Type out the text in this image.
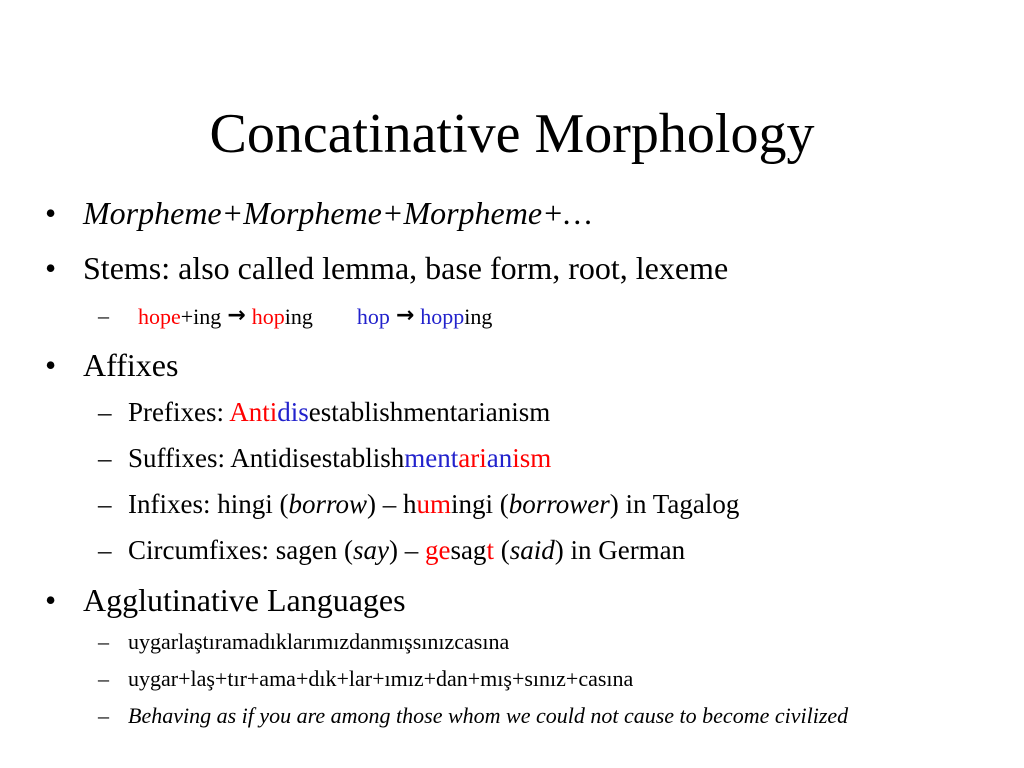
Concatinative Morphology
• Morpheme+Morpheme+Morpheme+…
• Stems: also called lemma, base form, root, lexeme
– hope+ing → hoping hop → hopping
• Affixes
– Prefixes: Antidisestablishmentarianism
– Suffixes: Antidisestablishmentarianism
– Infixes: hingi (borrow) – humingi (borrower) in Tagalog
– Circumfixes: sagen (say) – gesagt (said) in German
• Agglutinative Languages
– uygarlaştıramadıklarımızdanmışsınızcasına
– uygar+laş+tır+ama+dık+lar+ımız+dan+mış+sınız+casına
– Behaving as if you are among those whom we could not cause to become civilized
